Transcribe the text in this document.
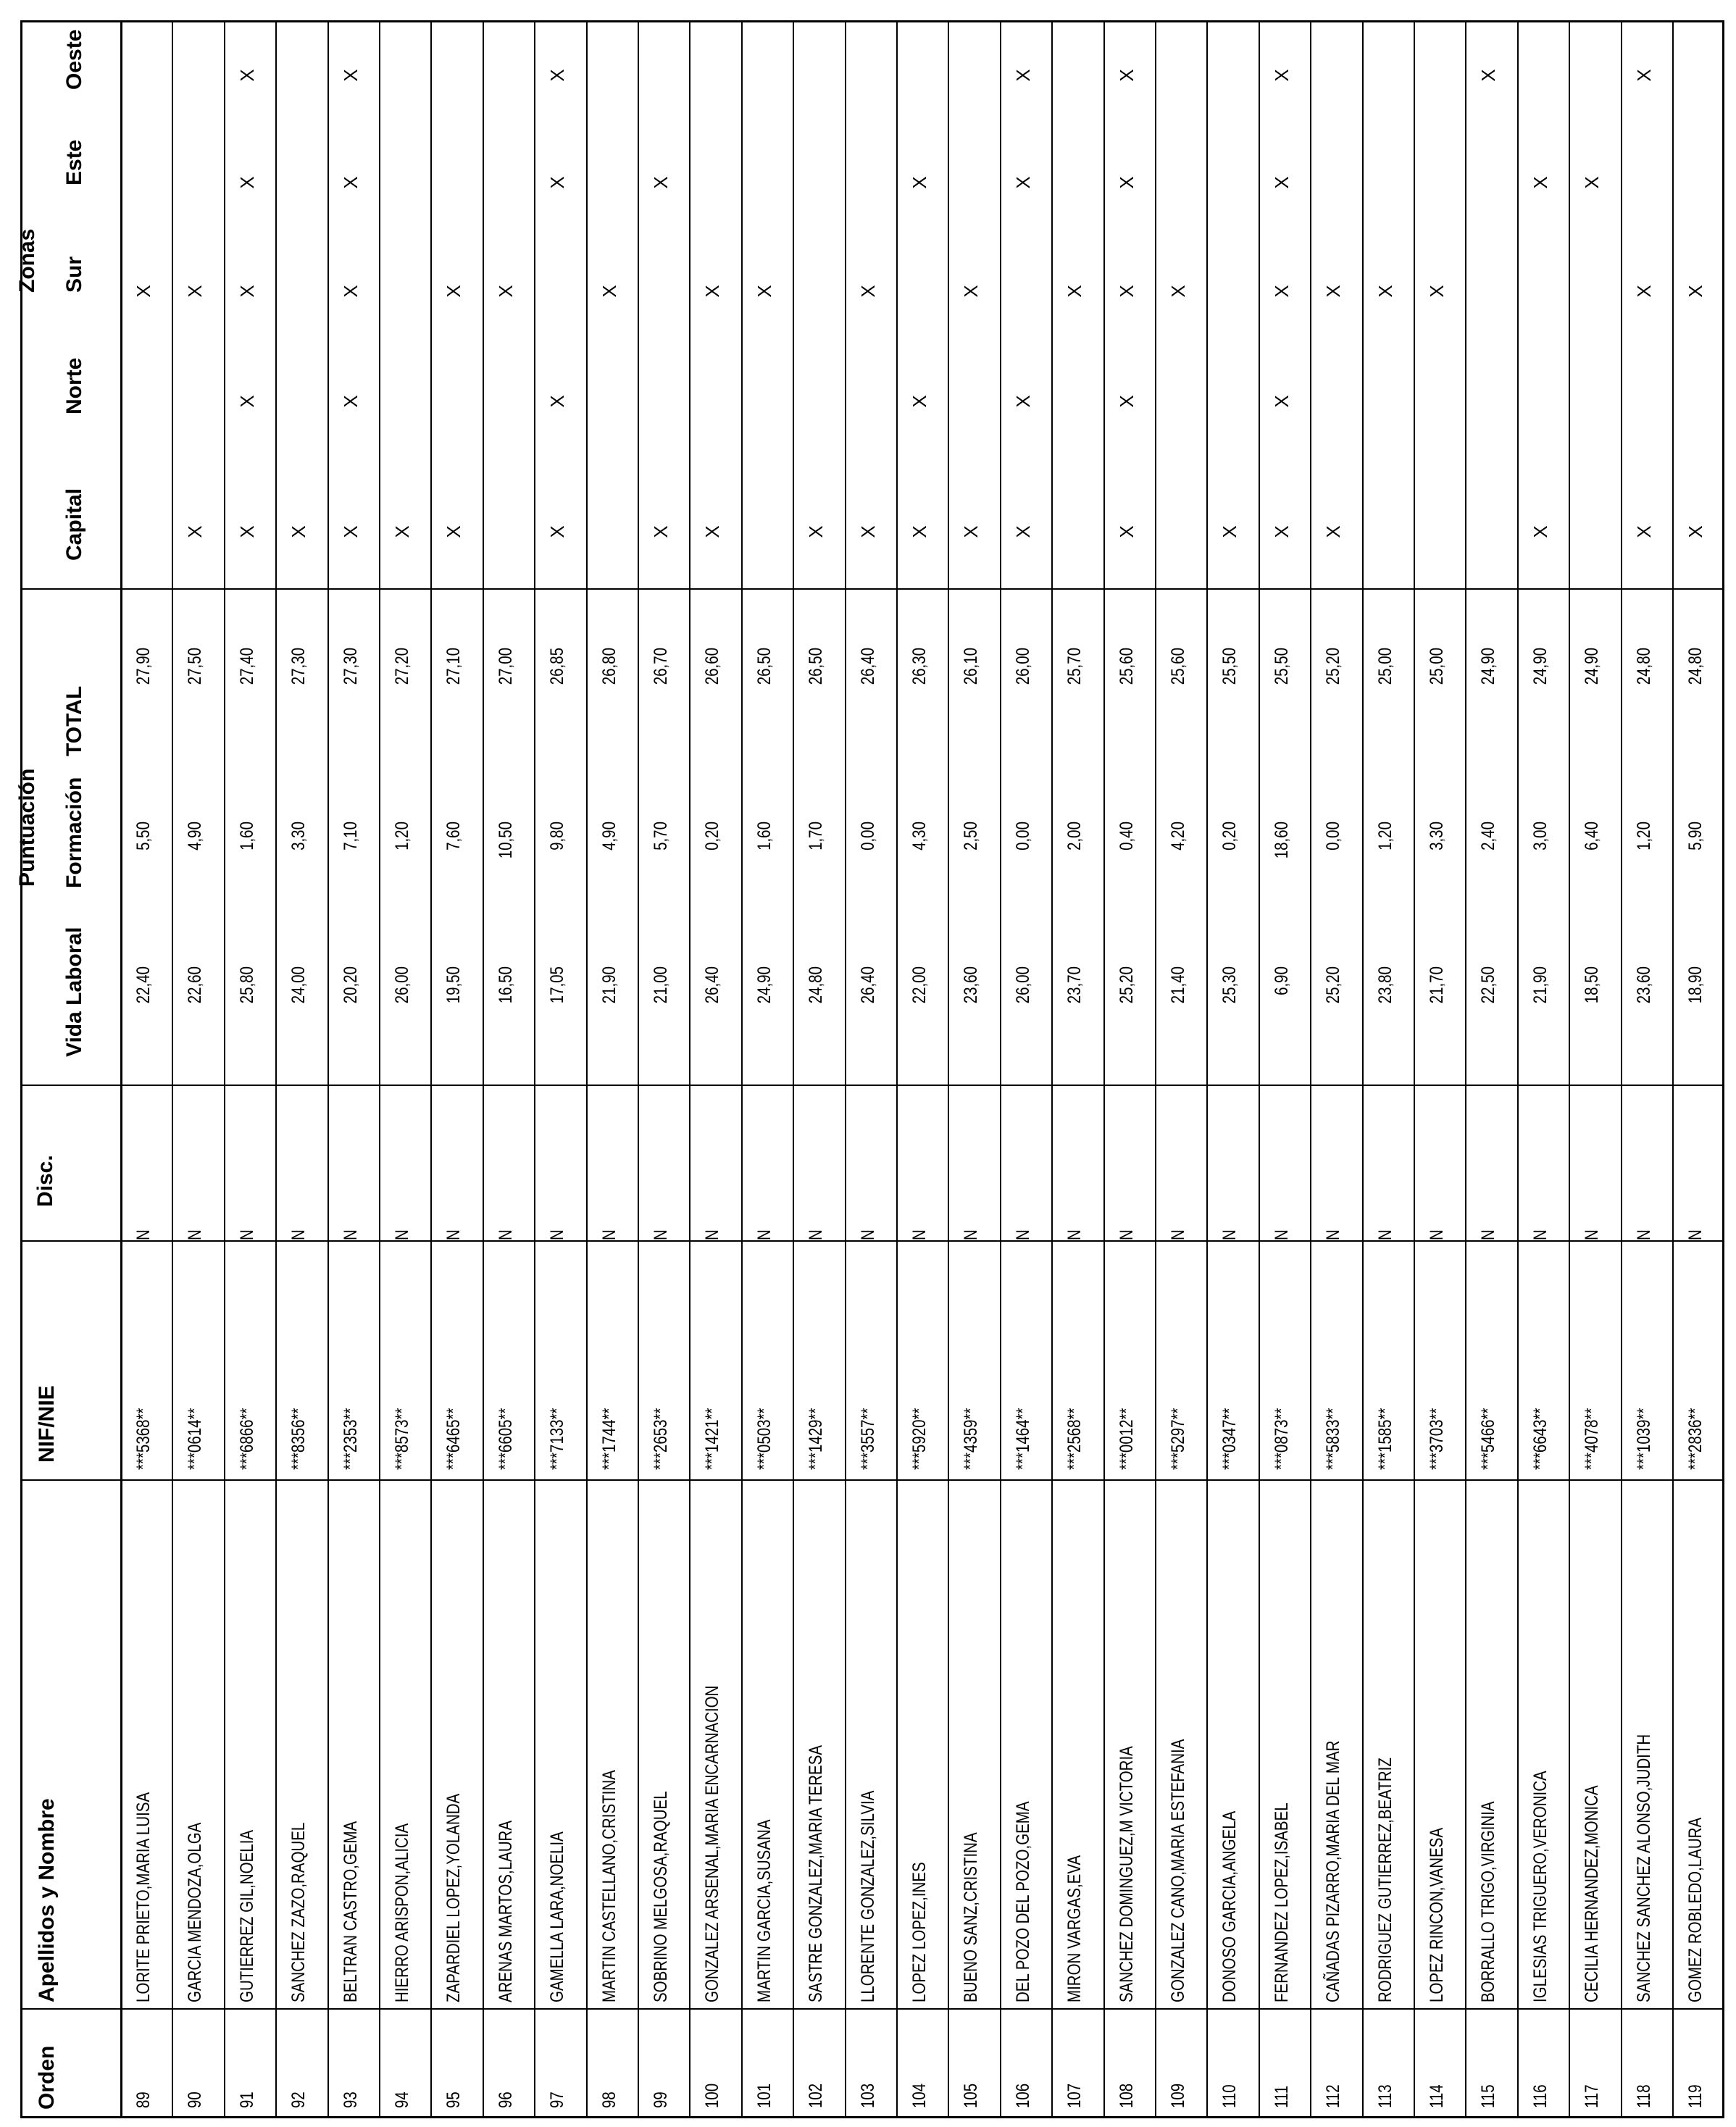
Orden
Apellidos y Nombre
NIF/NIE
Disc.
Puntuación
Vida Laboral
Formación
TOTAL
Zonas
Capital
Norte
Sur
Este
Oeste
89
LORITE PRIETO,MARIA LUISA
***5368**
N
22,40
5,50
27,90
X
90
GARCIA MENDOZA,OLGA
***0614**
N
22,60
4,90
27,50
X
X
91
GUTIERREZ GIL,NOELIA
***6866**
N
25,80
1,60
27,40
X
X
X
X
X
92
SANCHEZ ZAZO,RAQUEL
***8356**
N
24,00
3,30
27,30
X
93
BELTRAN CASTRO,GEMA
***2353**
N
20,20
7,10
27,30
X
X
X
X
X
94
HIERRO ARISPON,ALICIA
***8573**
N
26,00
1,20
27,20
X
95
ZAPARDIEL LOPEZ,YOLANDA
***6465**
N
19,50
7,60
27,10
X
X
96
ARENAS MARTOS,LAURA
***6605**
N
16,50
10,50
27,00
X
97
GAMELLA LARA,NOELIA
***7133**
N
17,05
9,80
26,85
X
X
X
X
98
MARTIN CASTELLANO,CRISTINA
***1744**
N
21,90
4,90
26,80
X
99
SOBRINO MELGOSA,RAQUEL
***2653**
N
21,00
5,70
26,70
X
X
100
GONZALEZ ARSENAL,MARIA ENCARNACION
***1421**
N
26,40
0,20
26,60
X
X
101
MARTIN GARCIA,SUSANA
***0503**
N
24,90
1,60
26,50
X
102
SASTRE GONZALEZ,MARIA TERESA
***1429**
N
24,80
1,70
26,50
X
103
LLORENTE GONZALEZ,SILVIA
***3557**
N
26,40
0,00
26,40
X
X
104
LOPEZ LOPEZ,INES
***5920**
N
22,00
4,30
26,30
X
X
X
105
BUENO SANZ,CRISTINA
***4359**
N
23,60
2,50
26,10
X
X
106
DEL POZO DEL POZO,GEMA
***1464**
N
26,00
0,00
26,00
X
X
X
X
107
MIRON VARGAS,EVA
***2568**
N
23,70
2,00
25,70
X
108
SANCHEZ DOMINGUEZ,M VICTORIA
***0012**
N
25,20
0,40
25,60
X
X
X
X
X
109
GONZALEZ CANO,MARIA ESTEFANIA
***5297**
N
21,40
4,20
25,60
X
110
DONOSO GARCIA,ANGELA
***0347**
N
25,30
0,20
25,50
X
111
FERNANDEZ LOPEZ,ISABEL
***0873**
N
6,90
18,60
25,50
X
X
X
X
X
112
CAÑADAS PIZARRO,MARIA DEL MAR
***5833**
N
25,20
0,00
25,20
X
X
113
RODRIGUEZ GUTIERREZ,BEATRIZ
***1585**
N
23,80
1,20
25,00
X
114
LOPEZ RINCON,VANESA
***3703**
N
21,70
3,30
25,00
X
115
BORRALLO TRIGO,VIRGINIA
***5466**
N
22,50
2,40
24,90
X
116
IGLESIAS TRIGUERO,VERONICA
***6643**
N
21,90
3,00
24,90
X
X
117
CECILIA HERNANDEZ,MONICA
***4078**
N
18,50
6,40
24,90
X
118
SANCHEZ SANCHEZ ALONSO,JUDITH
***1039**
N
23,60
1,20
24,80
X
X
X
119
GOMEZ ROBLEDO,LAURA
***2836**
N
18,90
5,90
24,80
X
X
